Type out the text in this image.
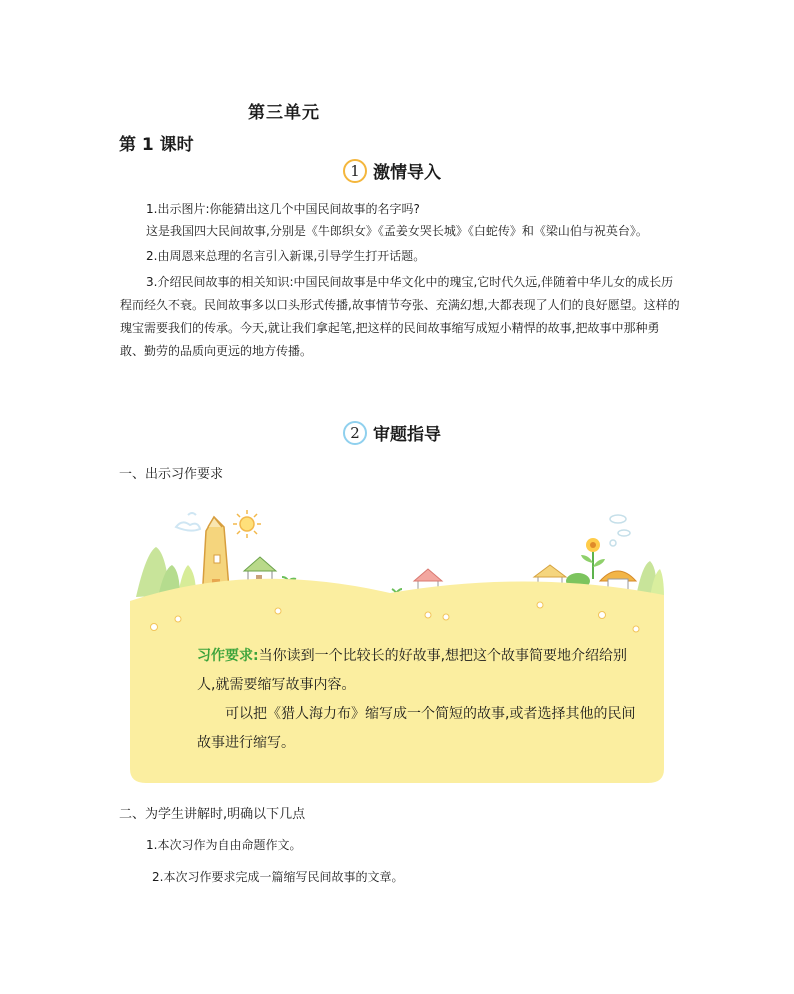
第三单元
第 1 课时
1 激情导入

1.出示图片:你能猜出这几个中国民间故事的名字吗?

这是我国四大民间故事,分别是《牛郎织女》《孟姜女哭长城》《白蛇传》和《梁山伯与祝英台》。

2.由周恩来总理的名言引入新课,引导学生打开话题。

3.介绍民间故事的相关知识:中国民间故事是中华文化中的瑰宝,它时代久远,伴随着中华儿女的成长历程而经久不衰。民间故事多以口头形式传播,故事情节夸张、充满幻想,大都表现了人们的良好愿望。这样的瑰宝需要我们的传承。今天,就让我们拿起笔,把这样的民间故事缩写成短小精悍的故事,把故事中那种勇敢、勤劳的品质向更远的地方传播。

2 审题指导
一、出示习作要求

习作要求:当你读到一个比较长的好故事,想把这个故事简要地介绍给别人,就需要缩写故事内容。

可以把《猎人海力布》缩写成一个简短的故事,或者选择其他的民间故事进行缩写。

二、为学生讲解时,明确以下几点
1.本次习作为自由命题作文。
2.本次习作要求完成一篇缩写民间故事的文章。
